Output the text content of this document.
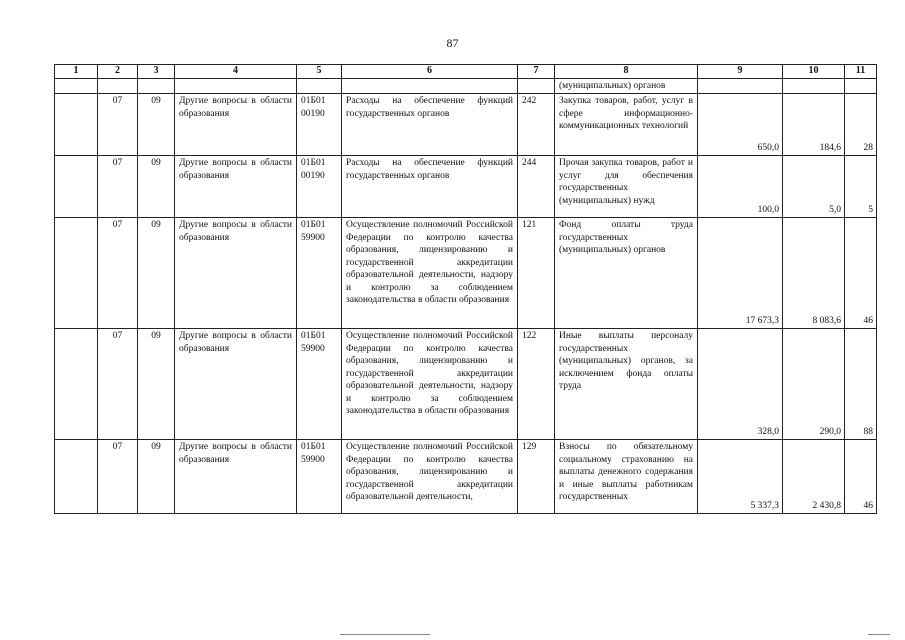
87
1	2	3	4	5	6	7	8	9	10	11
							(муниципальных) органов			
	07	09	Другие вопросы в области образования	01Б01 00190	Расходы на обеспечение функций государственных органов	242	Закупка товаров, работ, услуг в сфере информационно-коммуникационных технологий	650,0	184,6	28
	07	09	Другие вопросы в области образования	01Б01 00190	Расходы на обеспечение функций государственных органов	244	Прочая закупка товаров, работ и услуг для обеспечения государственных (муниципальных) нужд	100,0	5,0	5
	07	09	Другие вопросы в области образования	01Б01 59900	Осуществление полномочий Российской Федерации по контролю качества образования, лицензированию и государственной аккредитации образовательной деятельности, надзору и контролю за соблюдением законодательства в области образования	121	Фонд оплаты труда государственных (муниципальных) органов	17 673,3	8 083,6	46
	07	09	Другие вопросы в области образования	01Б01 59900	Осуществление полномочий Российской Федерации по контролю качества образования, лицензированию и государственной аккредитации образовательной деятельности, надзору и контролю за соблюдением законодательства в области образования	122	Иные выплаты персоналу государственных (муниципальных) органов, за исключением фонда оплаты труда	328,0	290,0	88
	07	09	Другие вопросы в области образования	01Б01 59900	Осуществление полномочий Российской Федерации по контролю качества образования, лицензированию и государственной аккредитации образовательной деятельности,	129	Взносы по обязательному социальному страхованию на выплаты денежного содержания и иные выплаты работникам государственных	5 337,3	2 430,8	46
